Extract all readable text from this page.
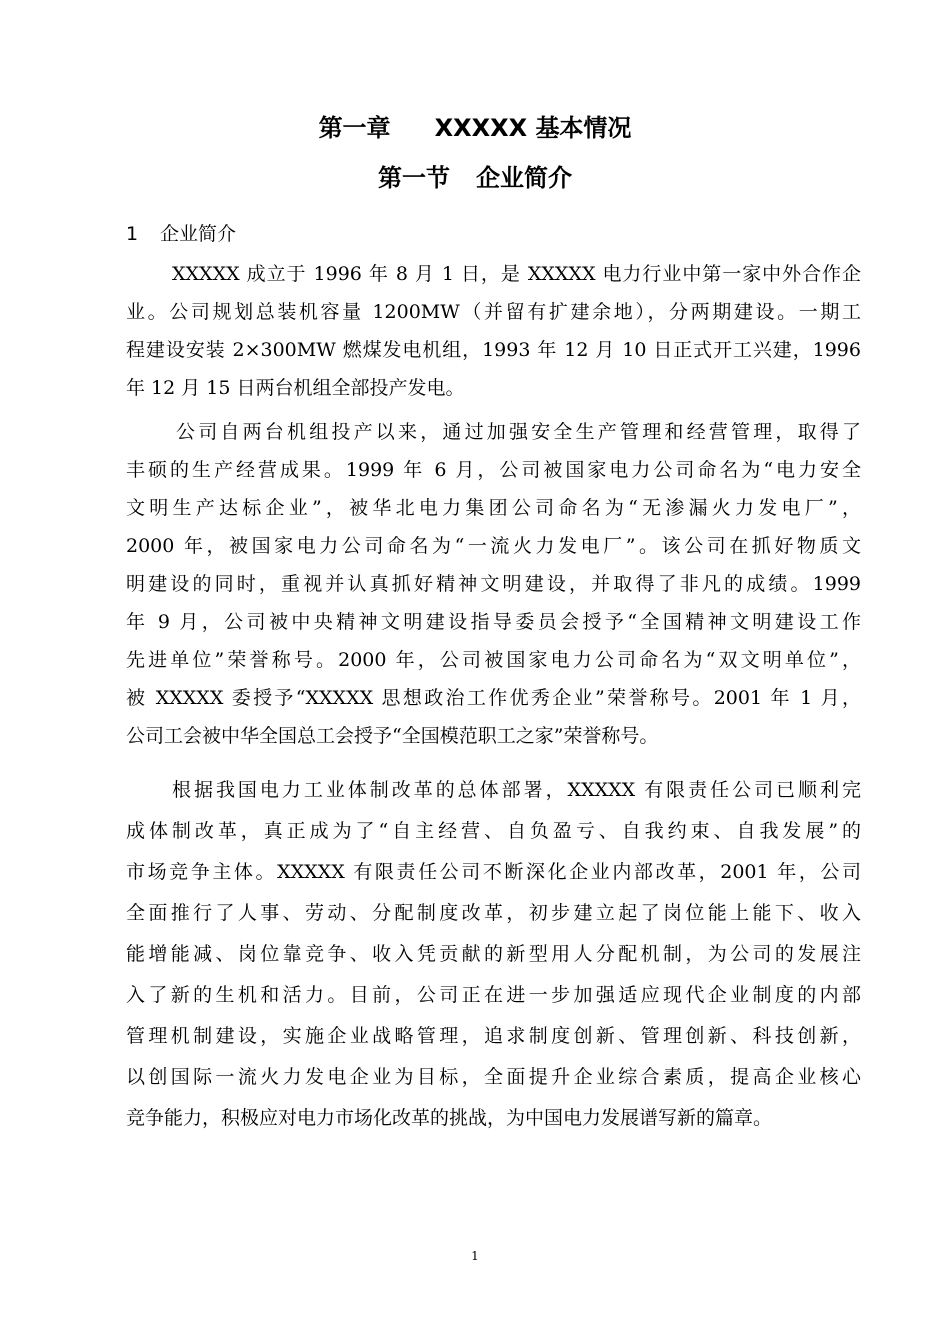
第一章 XXXXX 基本情况
第一节 企业简介
1 企业简介
XXXXX 成立于 1996 年 8 月 1 日，是 XXXXX 电力行业中第一家中外合作企
业。公司规划总装机容量 1200MW（并留有扩建余地），分两期建设。一期工
程建设安装 2×300MW 燃煤发电机组，1993 年 12 月 10 日正式开工兴建，1996
年 12 月 15 日两台机组全部投产发电。
公司自两台机组投产以来，通过加强安全生产管理和经营管理，取得了
丰硕的生产经营成果。1999 年 6 月，公司被国家电力公司命名为“电力安全
文明生产达标企业”，被华北电力集团公司命名为“无渗漏火力发电厂”，
2000 年，被国家电力公司命名为“一流火力发电厂”。该公司在抓好物质文
明建设的同时，重视并认真抓好精神文明建设，并取得了非凡的成绩。1999
年 9 月，公司被中央精神文明建设指导委员会授予“全国精神文明建设工作
先进单位”荣誉称号。2000 年，公司被国家电力公司命名为“双文明单位”，
被 XXXXX 委授予“XXXXX 思想政治工作优秀企业”荣誉称号。2001 年 1 月，
公司工会被中华全国总工会授予“全国模范职工之家”荣誉称号。
根据我国电力工业体制改革的总体部署，XXXXX 有限责任公司已顺利完
成体制改革，真正成为了“自主经营、自负盈亏、自我约束、自我发展”的
市场竞争主体。XXXXX 有限责任公司不断深化企业内部改革，2001 年，公司
全面推行了人事、劳动、分配制度改革，初步建立起了岗位能上能下、收入
能增能减、岗位靠竞争、收入凭贡献的新型用人分配机制，为公司的发展注
入了新的生机和活力。目前，公司正在进一步加强适应现代企业制度的内部
管理机制建设，实施企业战略管理，追求制度创新、管理创新、科技创新，
以创国际一流火力发电企业为目标，全面提升企业综合素质，提高企业核心
竞争能力，积极应对电力市场化改革的挑战，为中国电力发展谱写新的篇章。
1
